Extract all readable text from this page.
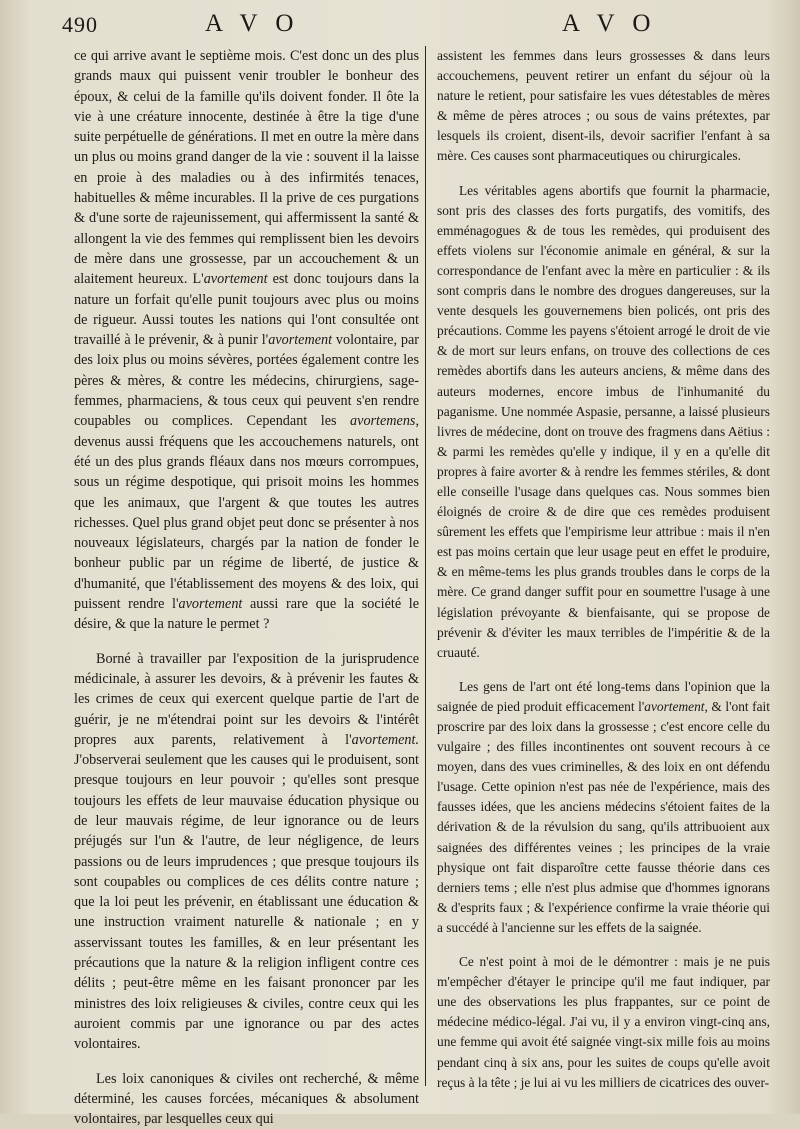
490	A V O	A V O

ce qui arrive avant le septième mois. C'est donc un des plus grands maux qui puissent venir troubler le bonheur des époux, & celui de la famille qu'ils doivent fonder. Il ôte la vie à une créature innocente, destinée à être la tige d'une suite perpétuelle de générations. Il met en outre la mère dans un plus ou moins grand danger de la vie : souvent il la laisse en proie à des maladies ou à des infirmités tenaces, habituelles & même incurables. Il la prive de ces purgations & d'une sorte de rajeunissement, qui affermissent la santé & allongent la vie des femmes qui remplissent bien les devoirs de mère dans une grossesse, par un accouchement & un alaitement heureux. L'avortement est donc toujours dans la nature un forfait qu'elle punit toujours avec plus ou moins de rigueur. Aussi toutes les nations qui l'ont consultée ont travaillé à le prévenir, & à punir l'avortement volontaire, par des loix plus ou moins sévères, portées également contre les pères & mères, & contre les médecins, chirurgiens, sage-femmes, pharmaciens, & tous ceux qui peuvent s'en rendre coupables ou complices. Cependant les avortemens, devenus aussi fréquens que les accouchemens naturels, ont été un des plus grands fléaux dans nos mœurs corrompues, sous un régime despotique, qui prisoit moins les hommes que les animaux, que l'argent & que toutes les autres richesses. Quel plus grand objet peut donc se présenter à nos nouveaux législateurs, chargés par la nation de fonder le bonheur public par un régime de liberté, de justice & d'humanité, que l'établissement des moyens & des loix, qui puissent rendre l'avortement aussi rare que la société le désire, & que la nature le permet ?

Borné à travailler par l'exposition de la jurisprudence médicinale, à assurer les devoirs, & à prévenir les fautes & les crimes de ceux qui exercent quelque partie de l'art de guérir, je ne m'étendrai point sur les devoirs & l'intérêt propres aux parents, relativement à l'avortement. J'observerai seulement que les causes qui le produisent, sont presque toujours en leur pouvoir ; qu'elles sont presque toujours les effets de leur mauvaise éducation physique ou de leur mauvais régime, de leur ignorance ou de leurs préjugés sur l'un & l'autre, de leur négligence, de leurs passions ou de leurs imprudences ; que presque toujours ils sont coupables ou complices de ces délits contre nature ; que la loi peut les prévenir, en établissant une éducation & une instruction vraiment naturelle & nationale ; en y asservissant toutes les familles, & en leur présentant les précautions que la nature & la religion infligent contre ces délits ; peut-être même en les faisant prononcer par les ministres des loix religieuses & civiles, contre ceux qui les auroient commis par une ignorance ou par des actes volontaires.

Les loix canoniques & civiles ont recherché, & même déterminé, les causes forcées, mécaniques & absolument volontaires, par lesquelles ceux qui

assistent les femmes dans leurs grossesses & dans leurs accouchemens, peuvent retirer un enfant du séjour où la nature le retient, pour satisfaire les vues détestables de mères & même de pères atroces ; ou sous de vains prétextes, par lesquels ils croient, disent-ils, devoir sacrifier l'enfant à sa mère. Ces causes sont pharmaceutiques ou chirurgicales.

Les véritables agens abortifs que fournit la pharmacie, sont pris des classes des forts purgatifs, des vomitifs, des emménagogues & de tous les remèdes, qui produisent des effets violens sur l'économie animale en général, & sur la correspondance de l'enfant avec la mère en particulier : & ils sont compris dans le nombre des drogues dangereuses, sur la vente desquels les gouvernemens bien policés, ont pris des précautions. Comme les payens s'étoient arrogé le droit de vie & de mort sur leurs enfans, on trouve des collections de ces remèdes abortifs dans les auteurs anciens, & même dans des auteurs modernes, encore imbus de l'inhumanité du paganisme. Une nommée Aspasie, persanne, a laissé plusieurs livres de médecine, dont on trouve des fragmens dans Aëtius : & parmi les remèdes qu'elle y indique, il y en a qu'elle dit propres à faire avorter & à rendre les femmes stériles, & dont elle conseille l'usage dans quelques cas. Nous sommes bien éloignés de croire & de dire que ces remèdes produisent sûrement les effets que l'empirisme leur attribue : mais il n'en est pas moins certain que leur usage peut en effet le produire, & en même-tems les plus grands troubles dans le corps de la mère. Ce grand danger suffit pour en soumettre l'usage à une législation prévoyante & bienfaisante, qui se propose de prévenir & d'éviter les maux terribles de l'impéritie & de la cruauté.

Les gens de l'art ont été long-tems dans l'opinion que la saignée de pied produit efficacement l'avortement, & l'ont fait proscrire par des loix dans la grossesse ; c'est encore celle du vulgaire ; des filles incontinentes ont souvent recours à ce moyen, dans des vues criminelles, & des loix en ont défendu l'usage. Cette opinion n'est pas née de l'expérience, mais des fausses idées, que les anciens médecins s'étoient faites de la dérivation & de la révulsion du sang, qu'ils attribuoient aux saignées des différentes veines ; les principes de la vraie physique ont fait disparoître cette fausse théorie dans ces derniers tems ; elle n'est plus admise que d'hommes ignorans & d'esprits faux ; & l'expérience confirme la vraie théorie qui a succédé à l'ancienne sur les effets de la saignée.

Ce n'est point à moi de le démontrer : mais je ne puis m'empêcher d'étayer le principe qu'il me faut indiquer, par une des observations les plus frappantes, sur ce point de médecine médico-légal. J'ai vu, il y a environ vingt-cinq ans, une femme qui avoit été saignée vingt-six mille fois au moins pendant cinq à six ans, pour les suites de coups qu'elle avoit reçus à la tête ; je lui ai vu les milliers de cicatrices des ouver-
